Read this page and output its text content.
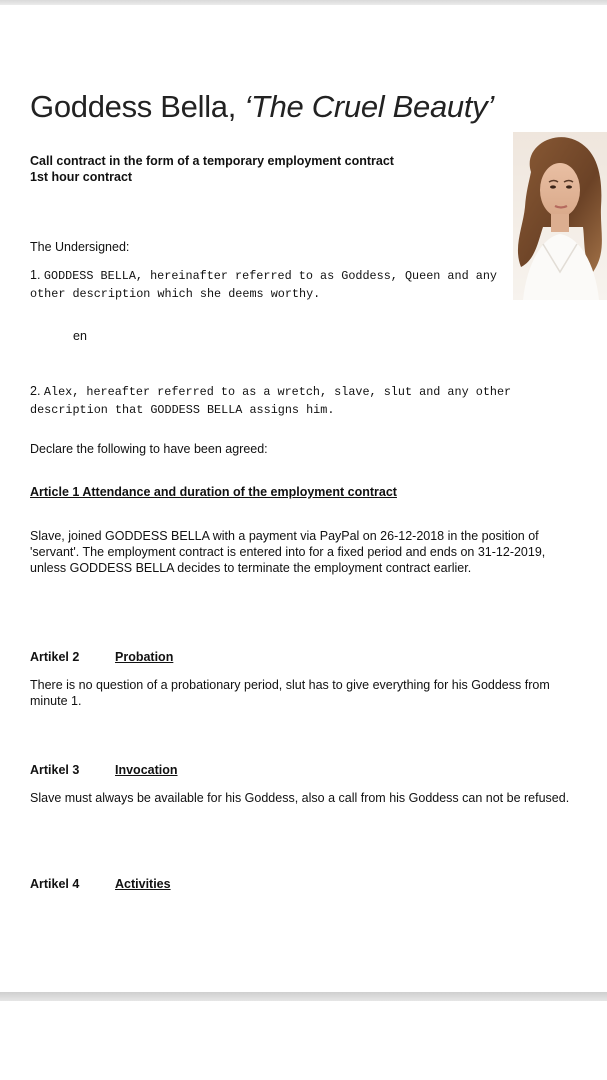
Goddess Bella, ‘The Cruel Beauty’
Call contract in the form of a temporary employment contract
1st hour contract
The Undersigned:
1. GODDESS BELLA, hereinafter referred to as Goddess, Queen and any other description which she deems worthy.
en
2. Alex, hereafter referred to as a wretch, slave, slut and any other description that GODDESS BELLA assigns him.
Declare the following to have been agreed:
Article 1 Attendance and duration of the employment contract
Slave, joined GODDESS BELLA with a payment via PayPal on 26-12-2018 in the position of 'servant'. The employment contract is entered into for a fixed period and ends on 31-12-2019, unless GODDESS BELLA decides to terminate the employment contract earlier.
Artikel 2	Probation
There is no question of a probationary period, slut has to give everything for his Goddess from minute 1.
Artikel 3	Invocation
Slave must always be available for his Goddess, also a call from his Goddess can not be refused.
Artikel 4	Activities
